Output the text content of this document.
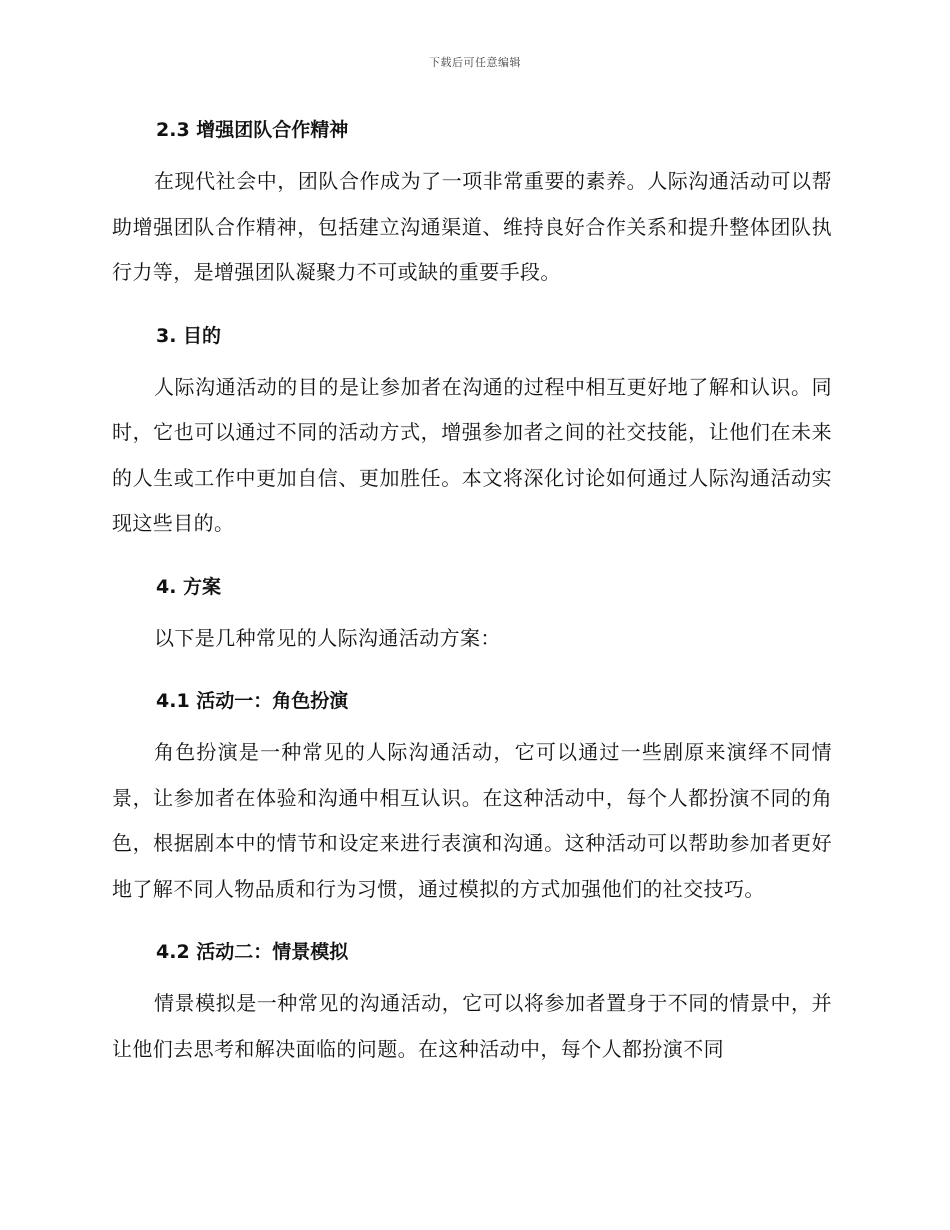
下载后可任意编辑
2.3 增强团队合作精神

在现代社会中，团队合作成为了一项非常重要的素养。人际沟通活动可以帮助增强团队合作精神，包括建立沟通渠道、维持良好合作关系和提升整体团队执行力等，是增强团队凝聚力不可或缺的重要手段。

3. 目的

人际沟通活动的目的是让参加者在沟通的过程中相互更好地了解和认识。同时，它也可以通过不同的活动方式，增强参加者之间的社交技能，让他们在未来的人生或工作中更加自信、更加胜任。本文将深化讨论如何通过人际沟通活动实现这些目的。

4. 方案

以下是几种常见的人际沟通活动方案：

4.1 活动一：角色扮演

角色扮演是一种常见的人际沟通活动，它可以通过一些剧原来演绎不同情景，让参加者在体验和沟通中相互认识。在这种活动中，每个人都扮演不同的角色，根据剧本中的情节和设定来进行表演和沟通。这种活动可以帮助参加者更好地了解不同人物品质和行为习惯，通过模拟的方式加强他们的社交技巧。

4.2 活动二：情景模拟

情景模拟是一种常见的沟通活动，它可以将参加者置身于不同的情景中，并让他们去思考和解决面临的问题。在这种活动中，每个人都扮演不同
